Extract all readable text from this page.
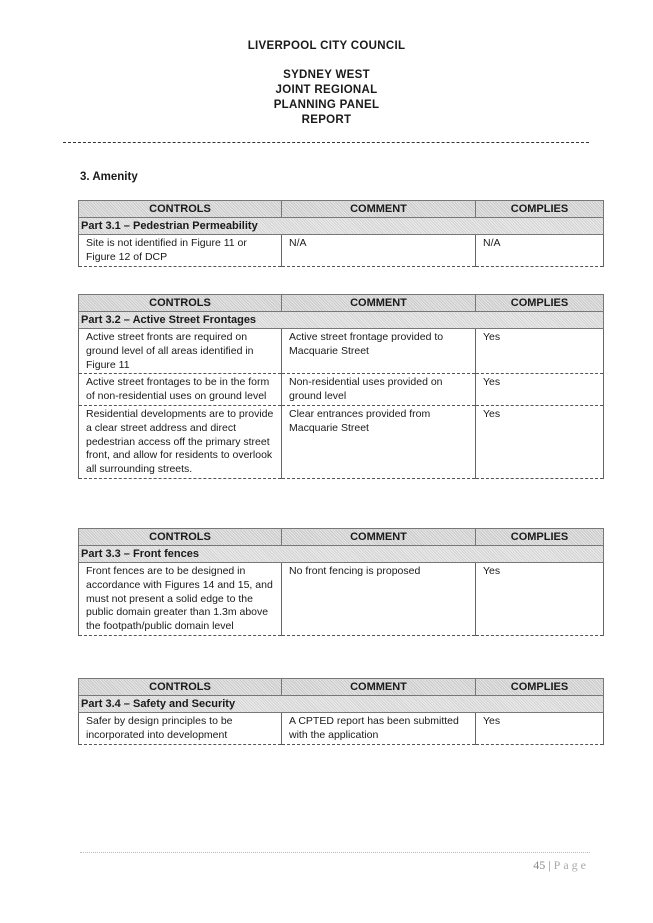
LIVERPOOL CITY COUNCIL
SYDNEY WEST
JOINT REGIONAL
PLANNING PANEL
REPORT
3. Amenity
CONTROLS	COMMENT	COMPLIES
Part 3.1 – Pedestrian Permeability		
Site is not identified in Figure 11 or Figure 12 of DCP	N/A	N/A
CONTROLS	COMMENT	COMPLIES
Part 3.2 – Active Street Frontages		
Active street fronts are required on ground level of all areas identified in Figure 11	Active street frontage provided to Macquarie Street	Yes
Active street frontages to be in the form of non-residential uses on ground level	Non-residential uses provided on ground level	Yes
Residential developments are to provide a clear street address and direct pedestrian access off the primary street front, and allow for residents to overlook all surrounding streets.	Clear entrances provided from Macquarie Street	Yes
CONTROLS	COMMENT	COMPLIES
Part 3.3 – Front fences		
Front fences are to be designed in accordance with Figures 14 and 15, and must not present a solid edge to the public domain greater than 1.3m above the footpath/public domain level	No front fencing is proposed	Yes
CONTROLS	COMMENT	COMPLIES
Part 3.4 – Safety and Security		
Safer by design principles to be incorporated into development	A CPTED report has been submitted with the application	Yes
45 | Page
